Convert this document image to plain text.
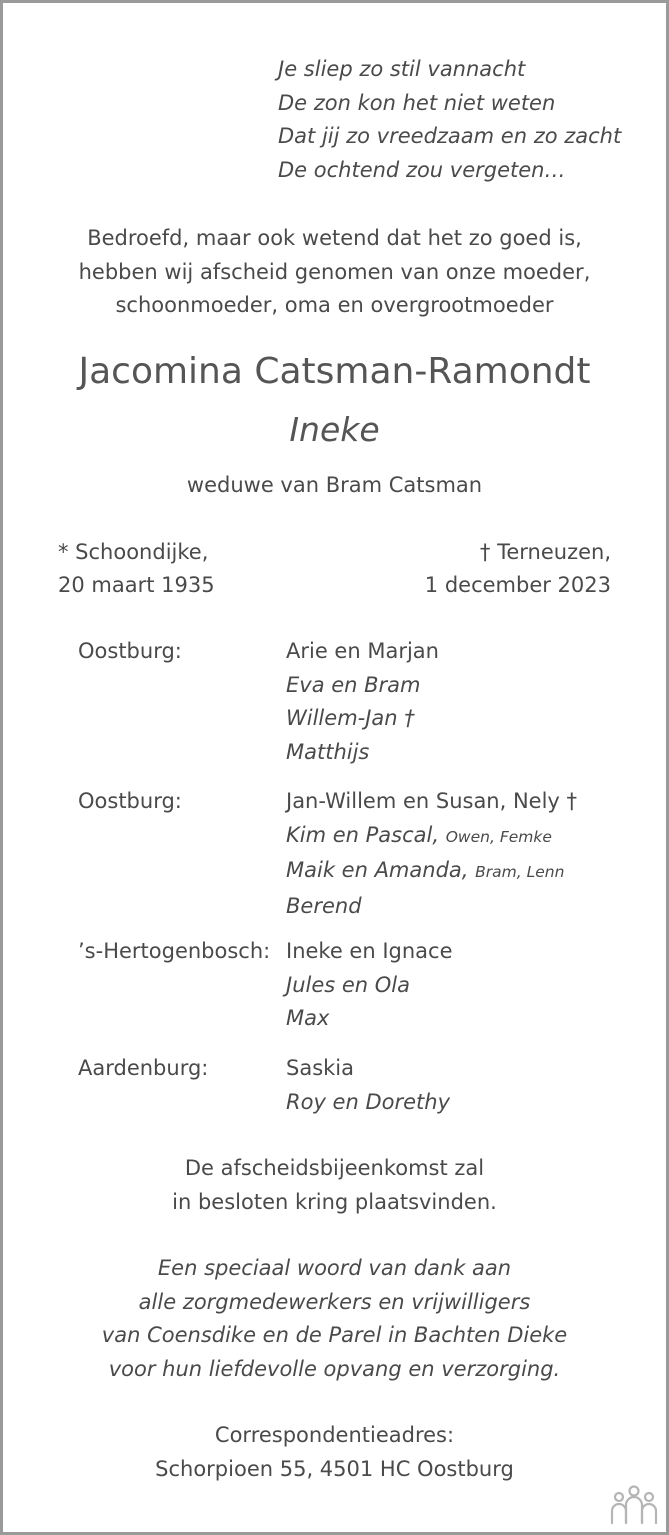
Je sliep zo stil vannacht
De zon kon het niet weten
Dat jij zo vreedzaam en zo zacht
De ochtend zou vergeten…
Bedroefd, maar ook wetend dat het zo goed is,
hebben wij afscheid genomen van onze moeder,
schoonmoeder, oma en overgrootmoeder
Jacomina Catsman-Ramondt
Ineke
weduwe van Bram Catsman
* Schoondijke,
20 maart 1935
† Terneuzen,
1 december 2023
Oostburg:	Arie en Marjan
Eva en Bram
Willem-Jan †
Matthijs
Oostburg:	Jan-Willem en Susan, Nely †
Kim en Pascal, Owen, Femke
Maik en Amanda, Bram, Lenn
Berend
’s-Hertogenbosch: Ineke en Ignace
Jules en Ola
Max
Aardenburg:	Saskia
Roy en Dorethy
De afscheidsbijeenkomst zal
in besloten kring plaatsvinden.
Een speciaal woord van dank aan
alle zorgmedewerkers en vrijwilligers
van Coensdike en de Parel in Bachten Dieke
voor hun liefdevolle opvang en verzorging.
Correspondentieadres:
Schorpioen 55, 4501 HC Oostburg
